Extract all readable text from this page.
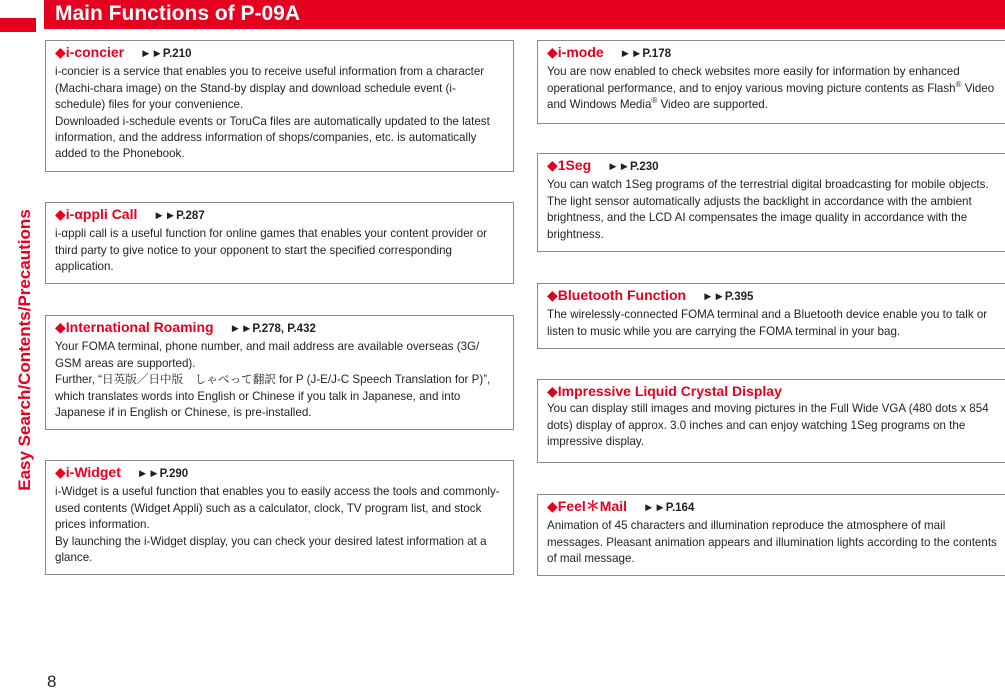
Easy Search/Contents/Precautions
Main Functions of P-09A
◆i-concier ►►P.210

i-concier is a service that enables you to receive useful information from a character (Machi-chara image) on the Stand-by display and download schedule event (i-schedule) files for your convenience.

Downloaded i-schedule events or ToruCa files are automatically updated to the latest information, and the address information of shops/companies, etc. is automatically added to the Phonebook.

◆i-αppli Call ►►P.287

i-αppli call is a useful function for online games that enables your content provider or third party to give notice to your opponent to start the specified corresponding application.

◆International Roaming ►►P.278, P.432

Your FOMA terminal, phone number, and mail address are available overseas (3G/ GSM areas are supported).

Further, “日英版／日中版　しゃべって翻訳 for P (J-E/J-C Speech Translation for P)”, which translates words into English or Chinese if you talk in Japanese, and into Japanese if in English or Chinese, is pre-installed.

◆i-Widget ►►P.290

i-Widget is a useful function that enables you to easily access the tools and commonly-used contents (Widget Appli) such as a calculator, clock, TV program list, and stock prices information.

By launching the i-Widget display, you can check your desired latest information at a glance.

◆i-mode ►►P.178

You are now enabled to check websites more easily for information by enhanced operational performance, and to enjoy various moving picture contents as Flash® Video and Windows Media® Video are supported.

◆1Seg ►►P.230

You can watch 1Seg programs of the terrestrial digital broadcasting for mobile objects. The light sensor automatically adjusts the backlight in accordance with the ambient brightness, and the LCD AI compensates the image quality in accordance with the brightness.

◆Bluetooth Function ►►P.395

The wirelessly-connected FOMA terminal and a Bluetooth device enable you to talk or listen to music while you are carrying the FOMA terminal in your bag.

◆Impressive Liquid Crystal Display

You can display still images and moving pictures in the Full Wide VGA (480 dots x 854 dots) display of approx. 3.0 inches and can enjoy watching 1Seg programs on the impressive display.

◆Feel＊Mail ►►P.164

Animation of 45 characters and illumination reproduce the atmosphere of mail messages. Pleasant animation appears and illumination lights according to the contents of mail message.

8
